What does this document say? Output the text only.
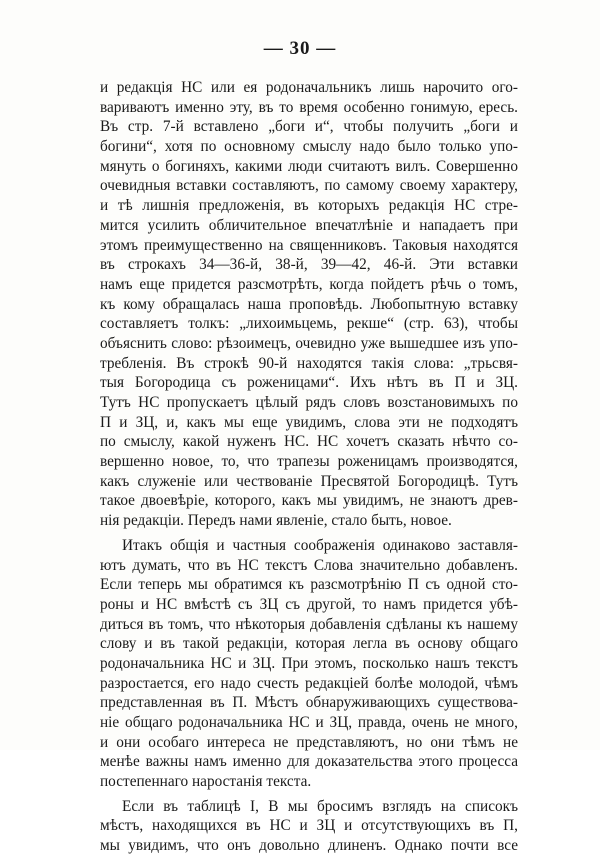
— 30 —
и редакція НС или ея родоначальникъ лишь нарочито ого-
вариваютъ именно эту, въ то время особенно гонимую, ересь.
Въ стр. 7-й вставлено „боги и“, чтобы получить „боги и
богини“, хотя по основному смыслу надо было только упо-
мянуть о богиняхъ, какими люди считаютъ вилъ. Совершенно
очевидныя вставки составляютъ, по самому своему характеру,
и тѣ лишнія предложенія, въ которыхъ редакція НС стре-
мится усилить обличительное впечатлѣніе и нападаетъ при
этомъ преимущественно на священниковъ. Таковыя находятся
въ строкахъ 34—36-й, 38-й, 39—42, 46-й. Эти вставки
намъ еще придется разсмотрѣть, когда пойдетъ рѣчь о томъ,
къ кому обращалась наша проповѣдь. Любопытную вставку
составляетъ толкъ: „лихоимьцемь, рекше“ (стр. 63), чтобы
объяснить слово: рѣзоимецъ, очевидно уже вышедшее изъ упо-
требленія. Въ строкѣ 90-й находятся такія слова: „трьсвя-
тыя Богородица съ роженицами“. Ихъ нѣтъ въ П и ЗЦ.
Тутъ НС пропускаетъ цѣлый рядъ словъ возстановимыхъ по
П и ЗЦ, и, какъ мы еще увидимъ, слова эти не подходятъ
по смыслу, какой нуженъ НС. НС хочетъ сказать нѣчто со-
вершенно новое, то, что трапезы роженицамъ производятся,
какъ служеніе или чествованіе Пресвятой Богородицѣ. Тутъ
такое двоевѣріе, которого, какъ мы увидимъ, не знаютъ древ-
нія редакціи. Передъ нами явленіе, стало быть, новое.
Итакъ общія и частныя соображенія одинаково заставля-
ютъ думать, что въ НС текстъ Слова значительно добавленъ.
Если теперь мы обратимся къ разсмотрѣнію П съ одной сто-
роны и НС вмѣстѣ съ ЗЦ съ другой, то намъ придется убѣ-
диться въ томъ, что нѣкоторыя добавленія сдѣланы къ нашему
слову и въ такой редакціи, которая легла въ основу общаго
родоначальника НС и ЗЦ. При этомъ, посколько нашъ текстъ
разростается, его надо счесть редакціей болѣе молодой, чѣмъ
представленная въ П. Мѣстъ обнаруживающихъ существова-
ніе общаго родоначальника НС и ЗЦ, правда, очень не много,
и они особаго интереса не представляютъ, но они тѣмъ не
менѣе важны намъ именно для доказательства этого процесса
постепеннаго наростанія текста.
Если въ таблицѣ I, В мы бросимъ взглядъ на списокъ
мѣстъ, находящихся въ НС и ЗЦ и отсутствующихъ въ П,
мы увидимъ, что онъ довольно длиненъ. Однако почти все
